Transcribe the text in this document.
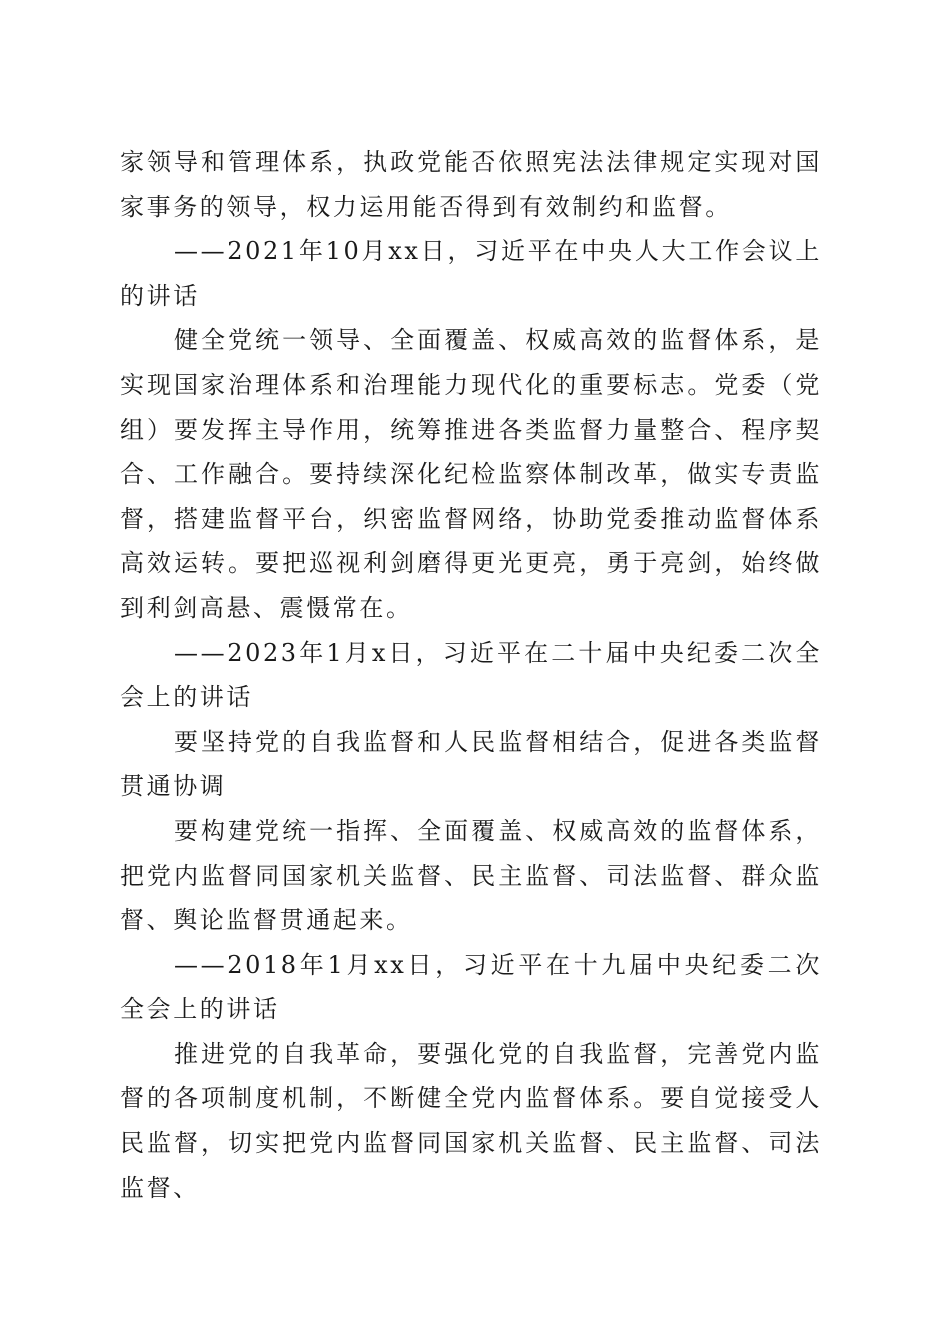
家领导和管理体系，执政党能否依照宪法法律规定实现对国家事务的领导，权力运用能否得到有效制约和监督。

——2021年10月xx日，习近平在中央人大工作会议上的讲话

健全党统一领导、全面覆盖、权威高效的监督体系，是实现国家治理体系和治理能力现代化的重要标志。党委（党组）要发挥主导作用，统筹推进各类监督力量整合、程序契合、工作融合。要持续深化纪检监察体制改革，做实专责监督，搭建监督平台，织密监督网络，协助党委推动监督体系高效运转。要把巡视利剑磨得更光更亮，勇于亮剑，始终做到利剑高悬、震慑常在。

——2023年1月x日，习近平在二十届中央纪委二次全会上的讲话

要坚持党的自我监督和人民监督相结合，促进各类监督贯通协调

要构建党统一指挥、全面覆盖、权威高效的监督体系，把党内监督同国家机关监督、民主监督、司法监督、群众监督、舆论监督贯通起来。

——2018年1月xx日，习近平在十九届中央纪委二次全会上的讲话

推进党的自我革命，要强化党的自我监督，完善党内监督的各项制度机制，不断健全党内监督体系。要自觉接受人民监督，切实把党内监督同国家机关监督、民主监督、司法监督、
